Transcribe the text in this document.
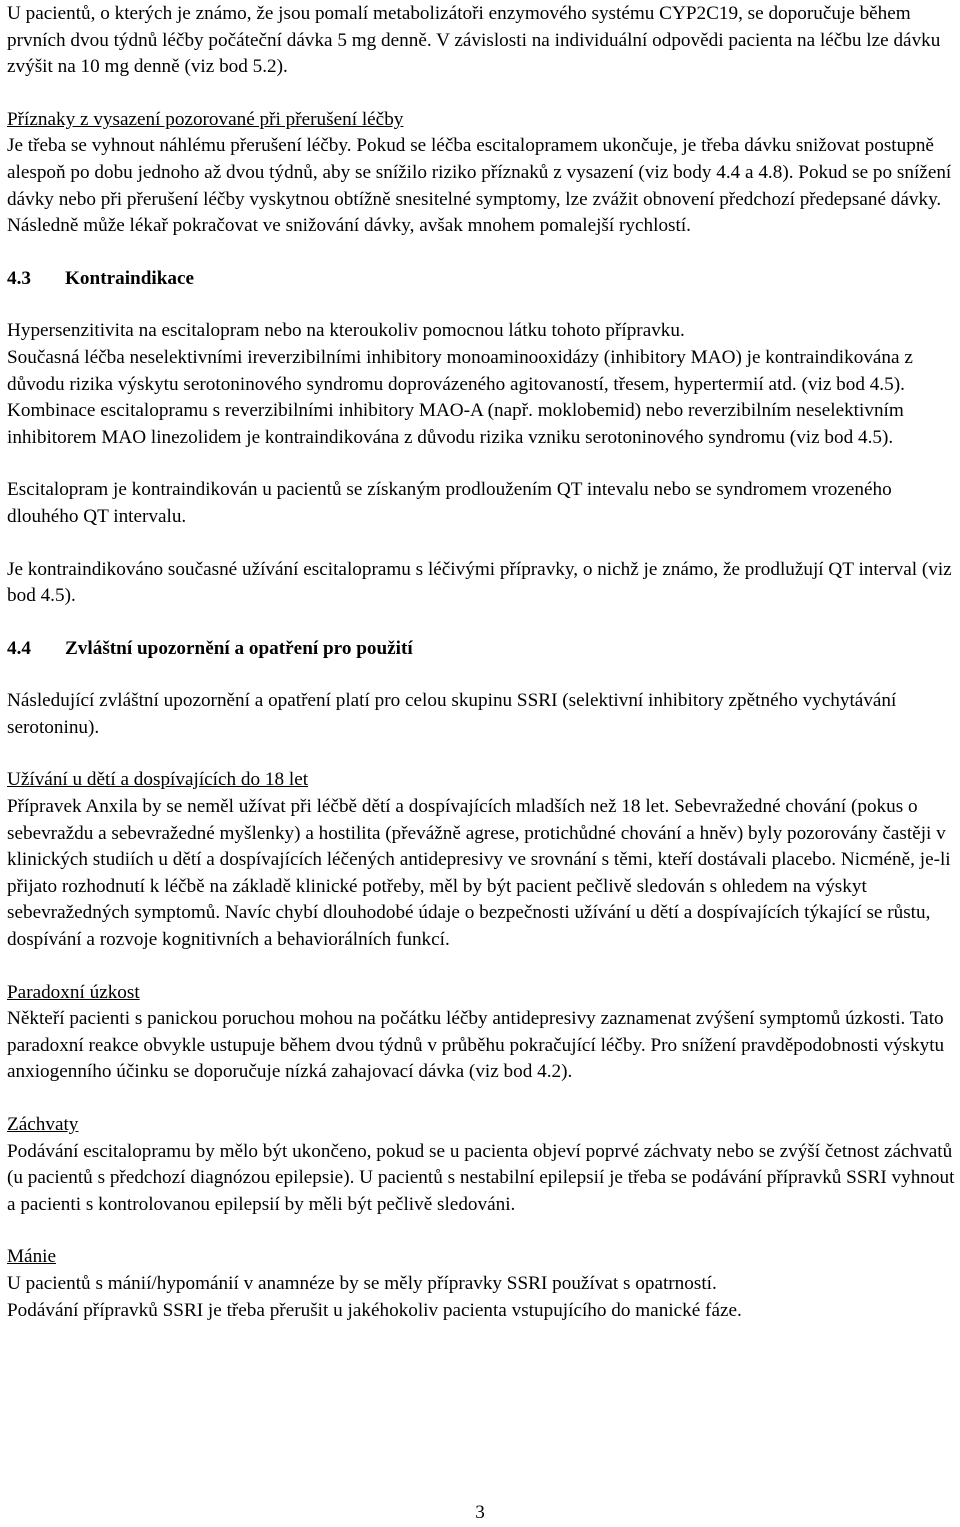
U pacientů, o kterých je známo, že jsou pomalí metabolizátoři enzymového systému CYP2C19, se doporučuje během prvních dvou týdnů léčby počáteční dávka 5 mg denně. V závislosti na individuální odpovědi pacienta na léčbu lze dávku zvýšit na 10 mg denně (viz bod 5.2).

Příznaky z vysazení pozorované při přerušení léčby

Je třeba se vyhnout náhlému přerušení léčby. Pokud se léčba escitalopramem ukončuje, je třeba dávku snižovat postupně alespoň po dobu jednoho až dvou týdnů, aby se snížilo riziko příznaků z vysazení (viz body 4.4 a 4.8). Pokud se po snížení dávky nebo při přerušení léčby vyskytnou obtížně snesitelné symptomy, lze zvážit obnovení předchozí předepsané dávky. Následně může lékař pokračovat ve snižování dávky, avšak mnohem pomalejší rychlostí.

4.3 Kontraindikace

Hypersenzitivita na escitalopram nebo na kteroukoliv pomocnou látku tohoto přípravku.

Současná léčba neselektivními ireverzibilními inhibitory monoaminooxidázy (inhibitory MAO) je kontraindikována z důvodu rizika výskytu serotoninového syndromu doprovázeného agitovaností, třesem, hypertermií atd. (viz bod 4.5).

Kombinace escitalopramu s reverzibilními inhibitory MAO-A (např. moklobemid) nebo reverzibilním neselektivním inhibitorem MAO linezolidem je kontraindikována z důvodu rizika vzniku serotoninového syndromu (viz bod 4.5).

Escitalopram je kontraindikován u pacientů se získaným prodloužením QT intevalu nebo se syndromem vrozeného dlouhého QT intervalu.

Je kontraindikováno současné užívání escitalopramu s léčivými přípravky, o nichž je známo, že prodlužují QT interval (viz bod 4.5).

4.4 Zvláštní upozornění a opatření pro použití

Následující zvláštní upozornění a opatření platí pro celou skupinu SSRI (selektivní inhibitory zpětného vychytávání serotoninu).

Užívání u dětí a dospívajících do 18 let

Přípravek Anxila by se neměl užívat při léčbě dětí a dospívajících mladších než 18 let. Sebevražedné chování (pokus o sebevraždu a sebevražedné myšlenky) a hostilita (převážně agrese, protichůdné chování a hněv) byly pozorovány častěji v klinických studiích u dětí a dospívajících léčených antidepresivy ve srovnání s těmi, kteří dostávali placebo. Nicméně, je-li přijato rozhodnutí k léčbě na základě klinické potřeby, měl by být pacient pečlivě sledován s ohledem na výskyt sebevražedných symptomů. Navíc chybí dlouhodobé údaje o bezpečnosti užívání u dětí a dospívajících týkající se růstu, dospívání a rozvoje kognitivních a behaviorálních funkcí.

Paradoxní úzkost

Někteří pacienti s panickou poruchou mohou na počátku léčby antidepresivy zaznamenat zvýšení symptomů úzkosti. Tato paradoxní reakce obvykle ustupuje během dvou týdnů v průběhu pokračující léčby. Pro snížení pravděpodobnosti výskytu anxiogenního účinku se doporučuje nízká zahajovací dávka (viz bod 4.2).

Záchvaty

Podávání escitalopramu by mělo být ukončeno, pokud se u pacienta objeví poprvé záchvaty nebo se zvýší četnost záchvatů (u pacientů s předchozí diagnózou epilepsie). U pacientů s nestabilní epilepsií je třeba se podávání přípravků SSRI vyhnout a pacienti s kontrolovanou epilepsií by měli být pečlivě sledováni.

Mánie

U pacientů s mánií/hypománií v anamnéze by se měly přípravky SSRI používat s opatrností.

Podávání přípravků SSRI je třeba přerušit u jakéhokoliv pacienta vstupujícího do manické fáze.

3
